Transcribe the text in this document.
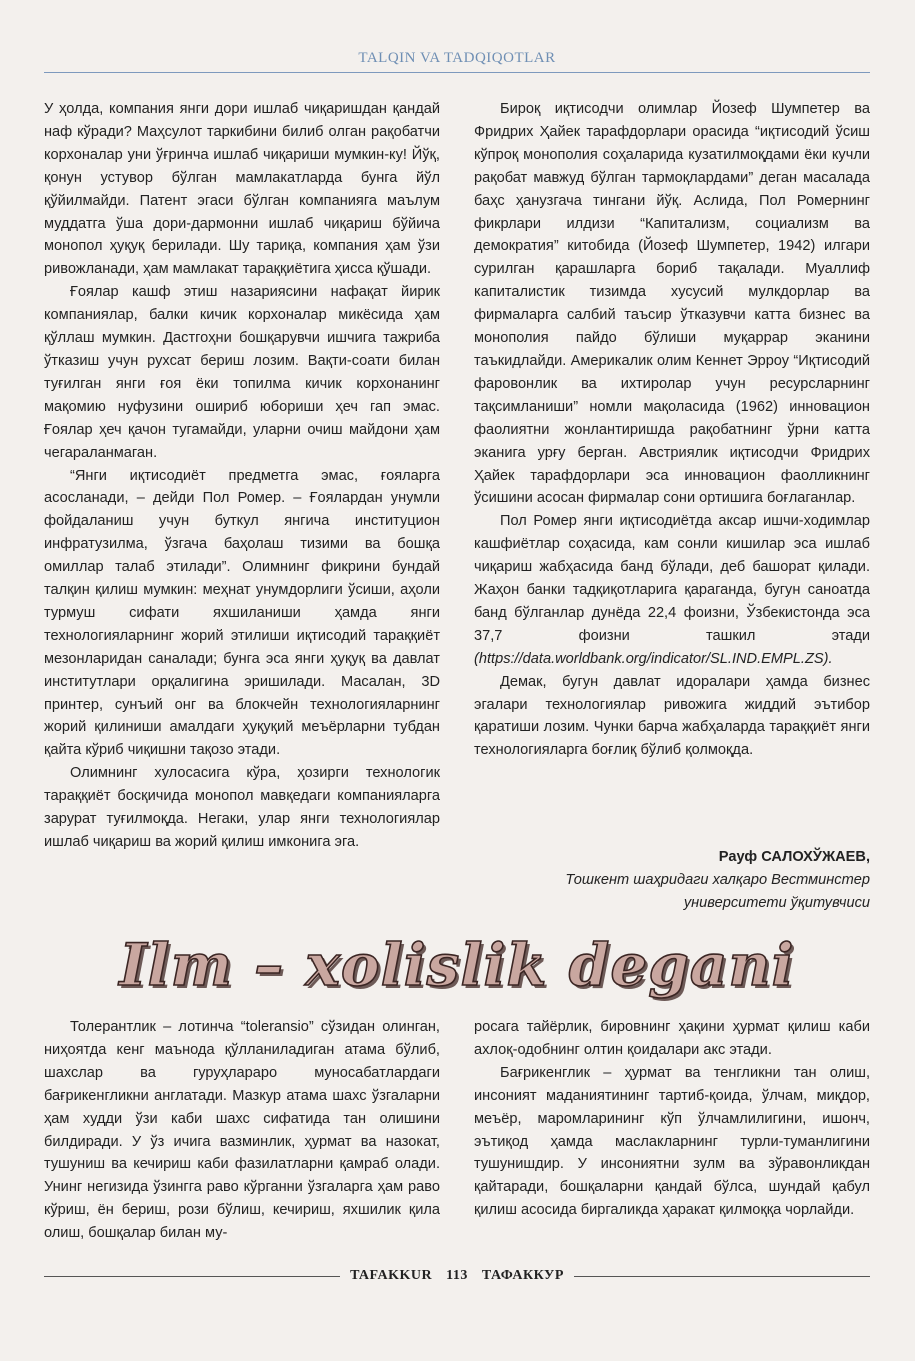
TALQIN VA TADQIQOTLAR

У ҳолда, компания янги дори ишлаб чиқаришдан қандай наф кўради? Маҳсулот таркибини билиб олган рақобатчи корхоналар уни ўғринча ишлаб чиқариши мумкин-ку! Йўқ, қонун устувор бўлган мамлакатларда бунга йўл қўйилмайди. Патент эгаси бўлган компанияга маълум муддатга ўша дори-дармонни ишлаб чиқариш бўйича монопол ҳуқуқ берилади. Шу тариқа, компания ҳам ўзи ривожланади, ҳам мамлакат тараққиётига ҳисса қўшади.

Ғоялар кашф этиш назариясини нафақат йирик компаниялар, балки кичик корхоналар микёсида ҳам қўллаш мумкин. Дастгоҳни бошқарувчи ишчига тажриба ўтказиш учун рухсат бериш лозим. Вақти-соати билан туғилган янги ғоя ёки топилма кичик корхонанинг мақомию нуфузини ошириб юбориши ҳеч гап эмас. Ғоялар ҳеч қачон тугамайди, уларни очиш майдони ҳам чегараланмаган.

“Янги иқтисодиёт предметга эмас, ғояларга асосланади, – дейди Пол Ромер. – Ғоялардан унумли фойдаланиш учун буткул янгича институцион инфратузилма, ўзгача баҳолаш тизими ва бошқа омиллар талаб этилади”. Олимнинг фикрини бундай талқин қилиш мумкин: меҳнат унумдорлиги ўсиши, аҳоли турмуш сифати яхшиланиши ҳамда янги технологияларнинг жорий этилиши иқтисодий тараққиёт мезонларидан саналади; бунга эса янги ҳуқуқ ва давлат институтлари орқалигина эришилади. Масалан, 3D принтер, сунъий онг ва блокчейн технологияларнинг жорий қилиниши амалдаги ҳуқуқий меъёрларни тубдан қайта кўриб чиқишни тақозо этади.

Олимнинг хулосасига кўра, ҳозирги технологик тараққиёт босқичида монопол мавқедаги компанияларга зарурат туғилмоқда. Негаки, улар янги технологиялар ишлаб чиқариш ва жорий қилиш имконига эга.

Бироқ иқтисодчи олимлар Йозеф Шумпетер ва Фридрих Ҳайек тарафдорлари орасида “иқтисодий ўсиш кўпроқ монополия соҳаларида кузатилмоқдами ёки кучли рақобат мавжуд бўлган тармоқлардами” деган масалада баҳс ҳанузгача тингани йўқ. Аслида, Пол Ромернинг фикрлари илдизи “Капитализм, социализм ва демократия” китобида (Йозеф Шумпетер, 1942) илгари сурилган қарашларга бориб тақалади. Муаллиф капиталистик тизимда хусусий мулкдорлар ва фирмаларга салбий таъсир ўтказувчи катта бизнес ва монополия пайдо бўлиши муқаррар эканини таъкидлайди. Америкалик олим Кеннет Эрроу “Иқтисодий фаровонлик ва ихтиролар учун ресурсларнинг тақсимланиши” номли мақоласида (1962) инновацион фаолиятни жонлантиришда рақобатнинг ўрни катта эканига урғу берган. Австриялик иқтисодчи Фридрих Ҳайек тарафдорлари эса инновацион фаолликнинг ўсишини асосан фирмалар сони ортишига боғлаганлар.

Пол Ромер янги иқтисодиётда аксар ишчи-ходимлар кашфиётлар соҳасида, кам сонли кишилар эса ишлаб чиқариш жабҳасида банд бўлади, деб башорат қилади. Жаҳон банки тадқиқотларига қараганда, бугун саноатда банд бўлганлар дунёда 22,4 фоизни, Ўзбекистонда эса 37,7 фоизни ташкил этади (https://data.worldbank.org/indicator/SL.IND.EMPL.ZS).

Демак, бугун давлат идоралари ҳамда бизнес эгалари технологиялар ривожига жиддий эътибор қаратиши лозим. Чунки барча жабҳаларда тараққиёт янги технологияларга боғлиқ бўлиб қолмоқда.

Рауф САЛОХЎЖАЕВ,
Тошкент шаҳридаги халқаро Вестминстер
университети ўқитувчиси
Ilm – xolislik degani

Толерантлик – лотинча “toleransio” сўзидан олинган, ниҳоятда кенг маънода қўлланиладиган атама бўлиб, шахслар ва гуруҳлараро муносабатлардаги бағрикенгликни англатади. Мазкур атама шахс ўзгаларни ҳам худди ўзи каби шахс сифатида тан олишини билдиради. У ўз ичига вазминлик, ҳурмат ва назокат, тушуниш ва кечириш каби фазилатларни қамраб олади. Унинг негизида ўзингга раво кўрганни ўзгаларга ҳам раво кўриш, ён бериш, рози бўлиш, кечириш, яхшилик қила олиш, бошқалар билан му-

росага тайёрлик, бировнинг ҳақини ҳурмат қилиш каби ахлоқ-одобнинг олтин қоидалари акс этади.

Бағрикенглик – ҳурмат ва тенгликни тан олиш, инсоният маданиятининг тартиб-қоида, ўлчам, миқдор, меъёр, маромларининг кўп ўлчамлилигини, ишонч, эътиқод ҳамда маслакларнинг турли-туманлигини тушунишдир. У инсониятни зулм ва зўравонликдан қайтаради, бошқаларни қандай бўлса, шундай қабул қилиш асосида биргаликда ҳаракат қилмоққа чорлайди.

TAFAKKUR	113	ТАФАККУР
